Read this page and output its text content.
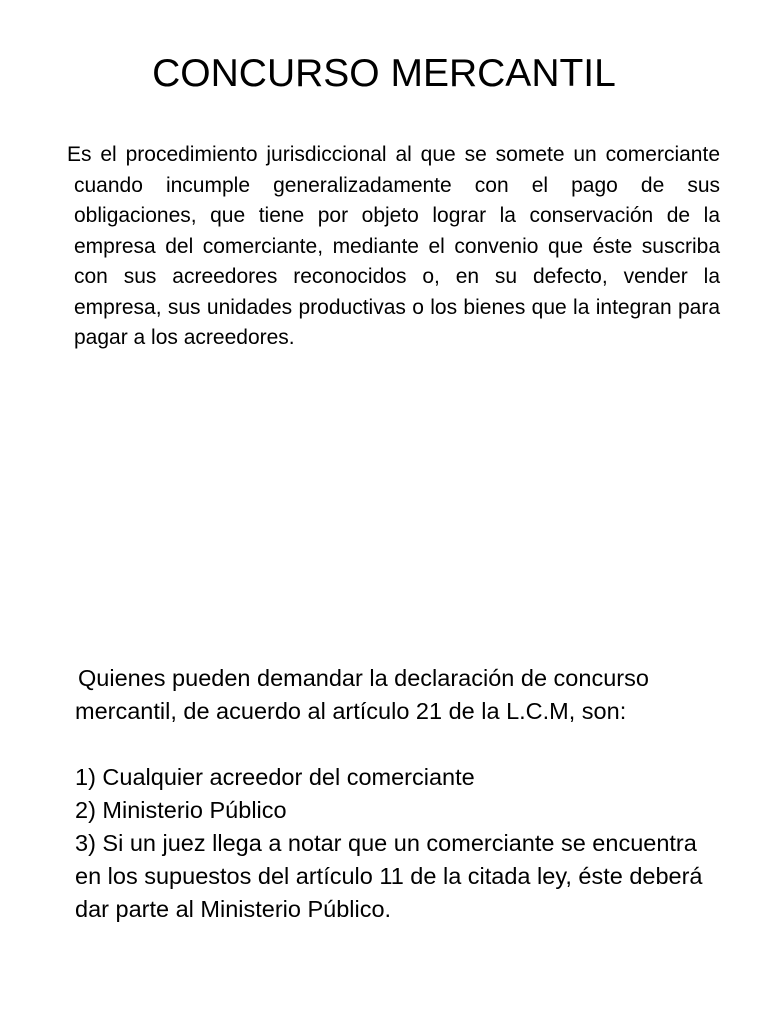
CONCURSO MERCANTIL

Es el procedimiento jurisdiccional al que se somete un comerciante cuando incumple generalizadamente con el pago de sus obligaciones, que tiene por objeto lograr la conservación de la empresa del comerciante, mediante el convenio que éste suscriba con sus acreedores reconocidos o, en su defecto, vender la empresa, sus unidades productivas o los bienes que la integran para pagar a los acreedores.

Quienes pueden demandar la declaración de concurso mercantil, de acuerdo al artículo 21 de la L.C.M, son:

1) Cualquier acreedor del comerciante

2) Ministerio Público

3) Si un juez llega a notar que un comerciante se encuentra en los supuestos del artículo 11 de la citada ley, éste deberá dar parte al Ministerio Público.
